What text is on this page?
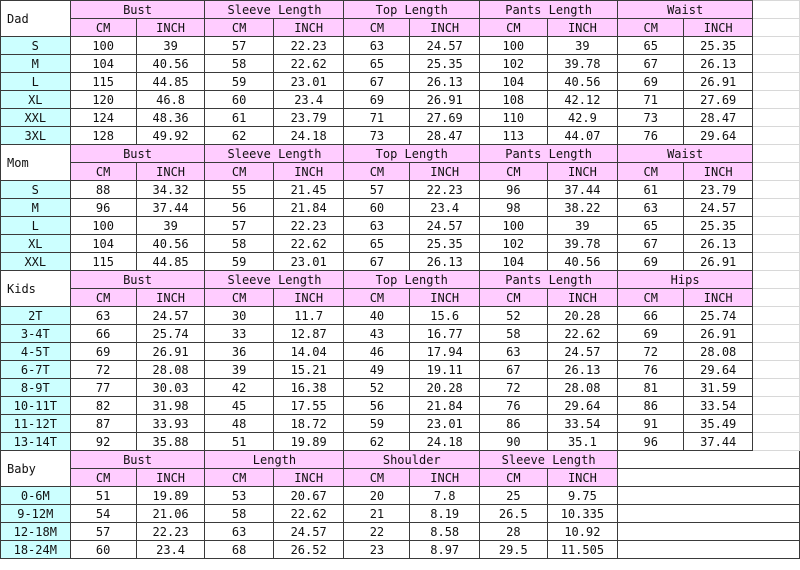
Dad	Bust		Sleeve Length		Top Length		Pants Length		Waist		
	CM	INCH	CM	INCH	CM	INCH	CM	INCH	CM	INCH	
S	100	39	57	22.23	63	24.57	100	39	65	25.35	
M	104	40.56	58	22.62	65	25.35	102	39.78	67	26.13	
L	115	44.85	59	23.01	67	26.13	104	40.56	69	26.91	
XL	120	46.8	60	23.4	69	26.91	108	42.12	71	27.69	
XXL	124	48.36	61	23.79	71	27.69	110	42.9	73	28.47	
3XL	128	49.92	62	24.18	73	28.47	113	44.07	76	29.64	
Mom	Bust		Sleeve Length		Top Length		Pants Length		Waist		
	CM	INCH	CM	INCH	CM	INCH	CM	INCH	CM	INCH	
S	88	34.32	55	21.45	57	22.23	96	37.44	61	23.79	
M	96	37.44	56	21.84	60	23.4	98	38.22	63	24.57	
L	100	39	57	22.23	63	24.57	100	39	65	25.35	
XL	104	40.56	58	22.62	65	25.35	102	39.78	67	26.13	
XXL	115	44.85	59	23.01	67	26.13	104	40.56	69	26.91	
Kids	Bust		Sleeve Length		Top Length		Pants Length		Hips		
	CM	INCH	CM	INCH	CM	INCH	CM	INCH	CM	INCH	
2T	63	24.57	30	11.7	40	15.6	52	20.28	66	25.74	
3-4T	66	25.74	33	12.87	43	16.77	58	22.62	69	26.91	
4-5T	69	26.91	36	14.04	46	17.94	63	24.57	72	28.08	
6-7T	72	28.08	39	15.21	49	19.11	67	26.13	76	29.64	
8-9T	77	30.03	42	16.38	52	20.28	72	28.08	81	31.59	
10-11T	82	31.98	45	17.55	56	21.84	76	29.64	86	33.54	
11-12T	87	33.93	48	18.72	59	23.01	86	33.54	91	35.49	
13-14T	92	35.88	51	19.89	62	24.18	90	35.1	96	37.44	
Baby	Bust		Length		Shoulder		Sleeve Length				
	CM	INCH	CM	INCH	CM	INCH	CM	INCH			
0-6M	51	19.89	53	20.67	20	7.8	25	9.75			
9-12M	54	21.06	58	22.62	21	8.19	26.5	10.335			
12-18M	57	22.23	63	24.57	22	8.58	28	10.92			
18-24M	60	23.4	68	26.52	23	8.97	29.5	11.505			
